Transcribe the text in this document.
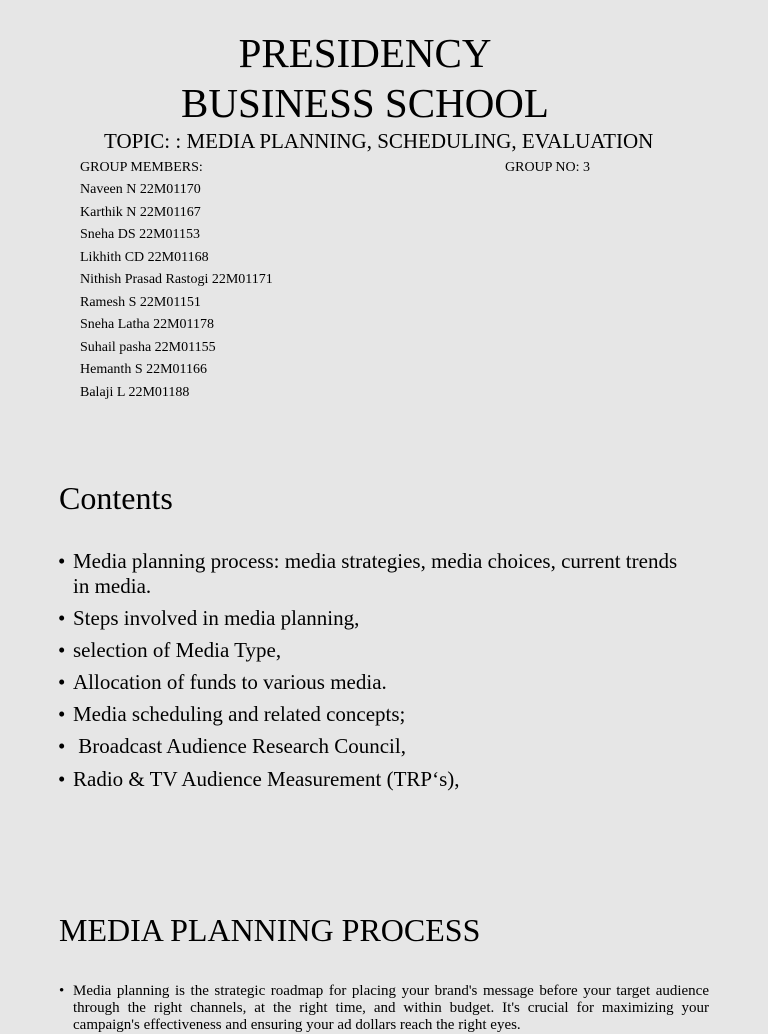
PRESIDENCY
BUSINESS SCHOOL
TOPIC: : MEDIA PLANNING, SCHEDULING, EVALUATION
GROUP MEMBERS:	GROUP NO: 3
Naveen N 22M01170
Karthik N 22M01167
Sneha DS 22M01153
Likhith CD 22M01168
Nithish Prasad Rastogi 22M01171
Ramesh S 22M01151
Sneha Latha 22M01178
Suhail pasha 22M01155
Hemanth S 22M01166
Balaji L 22M01188
Contents
• Media planning process: media strategies, media choices, current trends in media.
• Steps involved in media planning,
• selection of Media Type,
• Allocation of funds to various media.
• Media scheduling and related concepts;
• Broadcast Audience Research Council,
• Radio & TV Audience Measurement (TRP‘s),
MEDIA PLANNING PROCESS
• Media planning is the strategic roadmap for placing your brand's message before your target audience through the right channels, at the right time, and within budget. It's crucial for maximizing your campaign's effectiveness and ensuring your ad dollars reach the right eyes.
